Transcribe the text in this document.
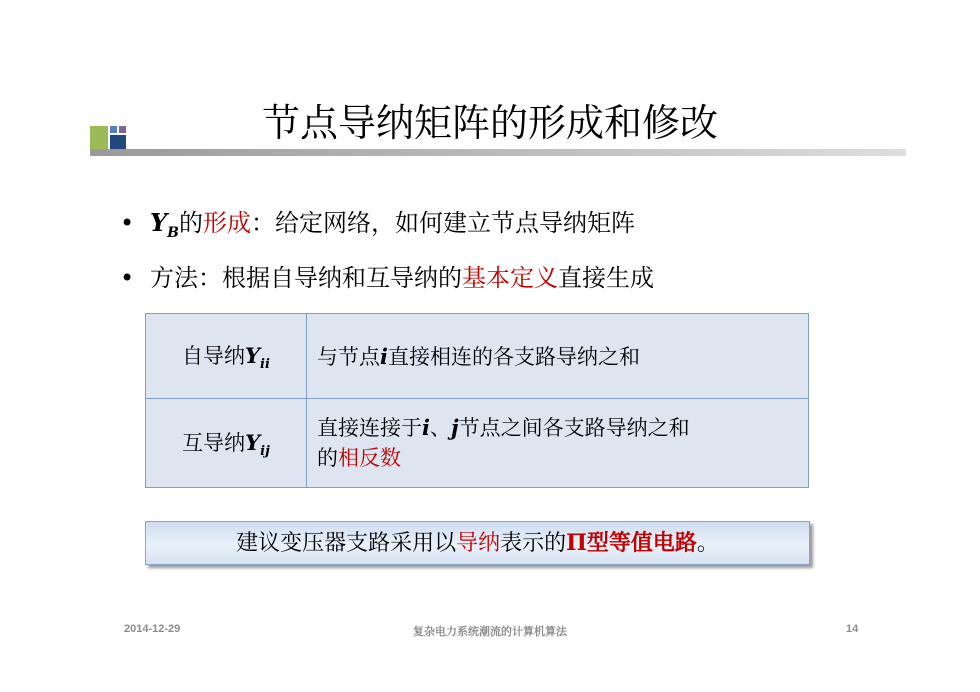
节点导纳矩阵的形成和修改
• $Y_B$的形成：给定网络，如何建立节点导纳矩阵
• 方法：根据自导纳和互导纳的基本定义直接生成
自导纳$Y_{ii}$	与节点i直接相连的各支路导纳之和
互导纳$Y_{ij}$	直接连接于i、j节点之间各支路导纳之和
的相反数
建议变压器支路采用以导纳表示的Π型等值电路。
2014-12-29	复杂电力系统潮流的计算机算法	14
